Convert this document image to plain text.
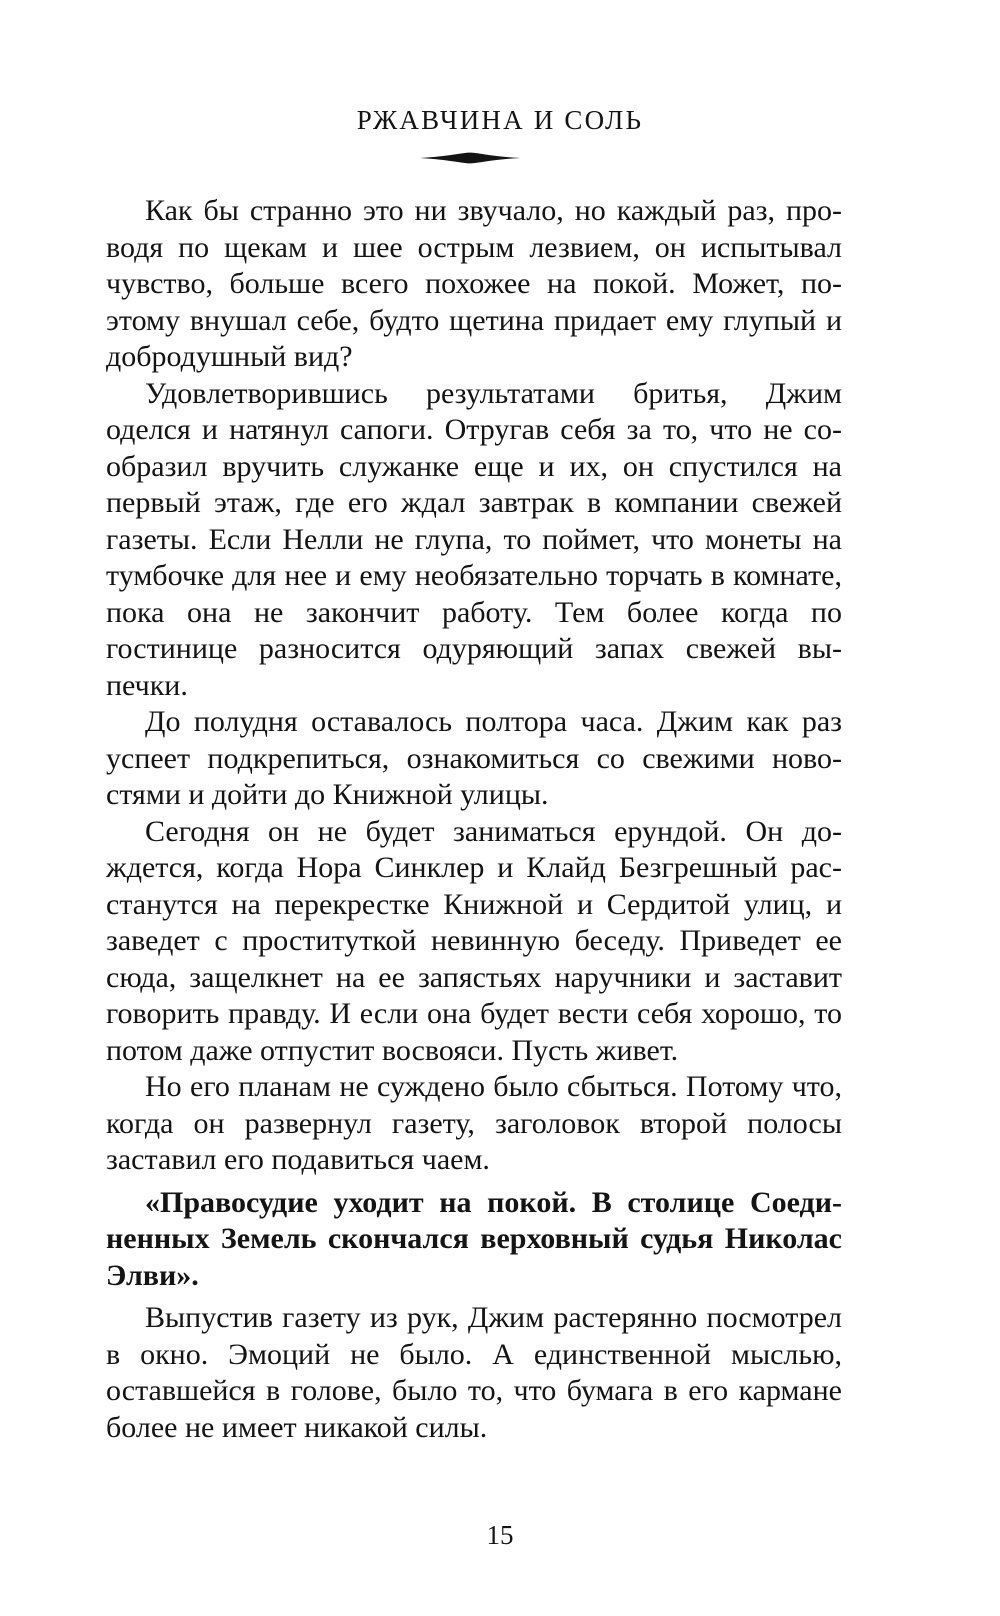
РЖАВЧИНА И СОЛЬ

Как бы странно это ни звучало, но каждый раз, проводя по щекам и шее острым лезвием, он испытывал чувство, больше всего похожее на покой. Может, поэтому внушал себе, будто щетина придает ему глупый и добродушный вид?

Удовлетворившись результатами бритья, Джим оделся и натянул сапоги. Отругав себя за то, что не сообразил вручить служанке еще и их, он спустился на первый этаж, где его ждал завтрак в компании свежей газеты. Если Нелли не глупа, то поймет, что монеты на тумбочке для нее и ему необязательно торчать в комнате, пока она не закончит работу. Тем более когда по гостинице разносится одуряющий запах свежей выпечки.

До полудня оставалось полтора часа. Джим как раз успеет подкрепиться, ознакомиться со свежими новостями и дойти до Книжной улицы.

Сегодня он не будет заниматься ерундой. Он дождется, когда Нора Синклер и Клайд Безгрешный расстанутся на перекрестке Книжной и Сердитой улиц, и заведет с проституткой невинную беседу. Приведет ее сюда, защелкнет на ее запястьях наручники и заставит говорить правду. И если она будет вести себя хорошо, то потом даже отпустит восвояси. Пусть живет.

Но его планам не суждено было сбыться. Потому что, когда он развернул газету, заголовок второй полосы заставил его подавиться чаем.

«Правосудие уходит на покой. В столице Соединенных Земель скончался верховный судья Николас Элви».

Выпустив газету из рук, Джим растерянно посмотрел в окно. Эмоций не было. А единственной мыслью, оставшейся в голове, было то, что бумага в его кармане более не имеет никакой силы.

15
